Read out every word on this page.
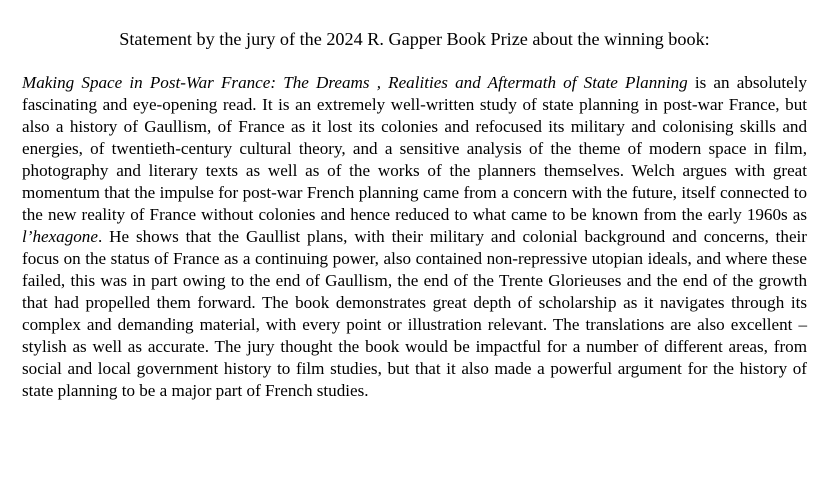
Statement by the jury of the 2024 R. Gapper Book Prize about the winning book:

Making Space in Post-War France: The Dreams , Realities and Aftermath of State Planning is an absolutely fascinating and eye-opening read. It is an extremely well-written study of state planning in post-war France, but also a history of Gaullism, of France as it lost its colonies and refocused its military and colonising skills and energies, of twentieth-century cultural theory, and a sensitive analysis of the theme of modern space in film, photography and literary texts as well as of the works of the planners themselves. Welch argues with great momentum that the impulse for post-war French planning came from a concern with the future, itself connected to the new reality of France without colonies and hence reduced to what came to be known from the early 1960s as l’hexagone. He shows that the Gaullist plans, with their military and colonial background and concerns, their focus on the status of France as a continuing power, also contained non-repressive utopian ideals, and where these failed, this was in part owing to the end of Gaullism, the end of the Trente Glorieuses and the end of the growth that had propelled them forward. The book demonstrates great depth of scholarship as it navigates through its complex and demanding material, with every point or illustration relevant. The translations are also excellent – stylish as well as accurate. The jury thought the book would be impactful for a number of different areas, from social and local government history to film studies, but that it also made a powerful argument for the history of state planning to be a major part of French studies.
